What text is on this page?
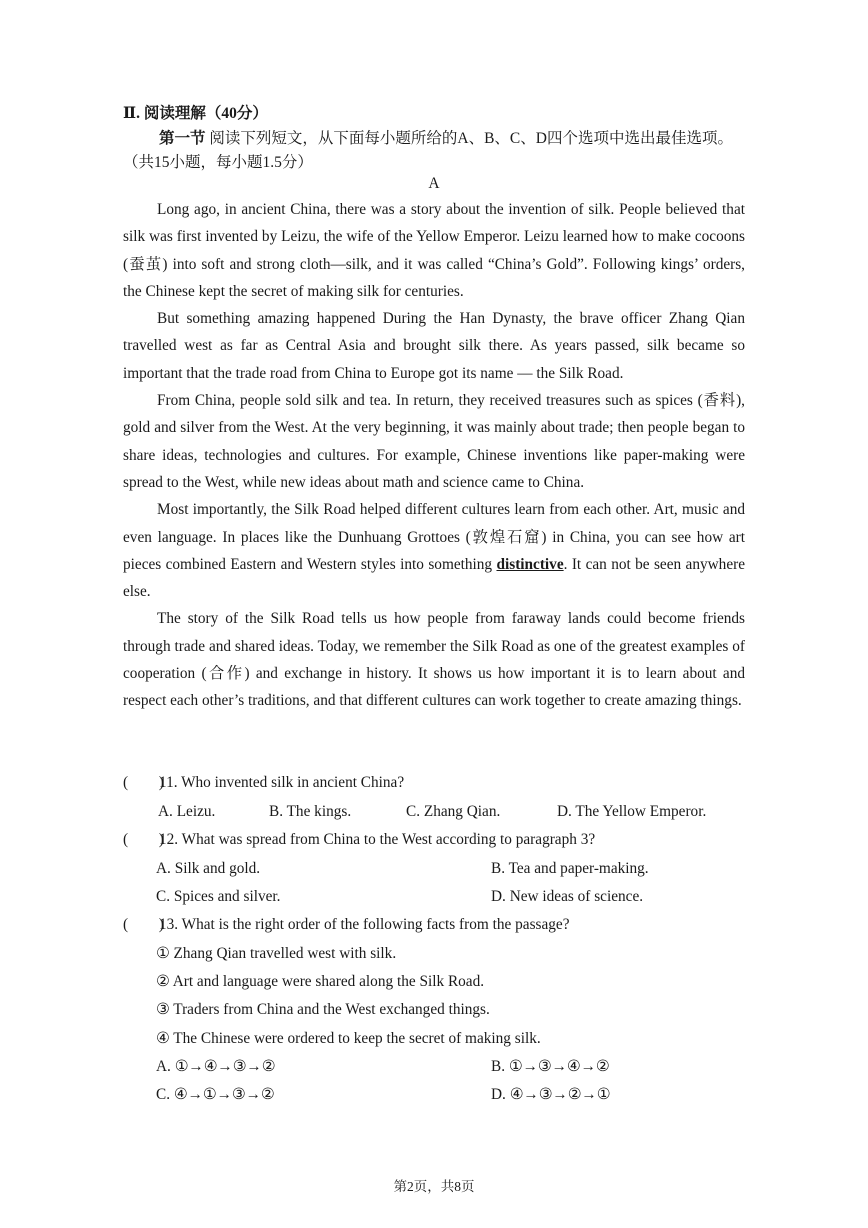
Ⅱ. 阅读理解（40分）
第一节 阅读下列短文，从下面每小题所给的A、B、C、D四个选项中选出最佳选项。（共15小题，每小题1.5分）
A

Long ago, in ancient China, there was a story about the invention of silk. People believed that silk was first invented by Leizu, the wife of the Yellow Emperor. Leizu learned how to make cocoons (蚕茧) into soft and strong cloth—silk, and it was called “China’s Gold”. Following kings’ orders, the Chinese kept the secret of making silk for centuries.

But something amazing happened During the Han Dynasty, the brave officer Zhang Qian travelled west as far as Central Asia and brought silk there. As years passed, silk became so important that the trade road from China to Europe got its name — the Silk Road.

From China, people sold silk and tea. In return, they received treasures such as spices (香料), gold and silver from the West. At the very beginning, it was mainly about trade; then people began to share ideas, technologies and cultures. For example, Chinese inventions like paper-making were spread to the West, while new ideas about math and science came to China.

Most importantly, the Silk Road helped different cultures learn from each other. Art, music and even language. In places like the Dunhuang Grottoes (敦煌石窟) in China, you can see how art pieces combined Eastern and Western styles into something distinctive. It can not be seen anywhere else.

The story of the Silk Road tells us how people from faraway lands could become friends through trade and shared ideas. Today, we remember the Silk Road as one of the greatest examples of cooperation (合作) and exchange in history. It shows us how important it is to learn about and respect each other’s traditions, and that different cultures can work together to create amazing things.

(　　)11. Who invented silk in ancient China?
A. Leizu.	B. The kings.	C. Zhang Qian.	D. The Yellow Emperor.
(　　)12. What was spread from China to the West according to paragraph 3?
A. Silk and gold.	B. Tea and paper-making.
C. Spices and silver.	D. New ideas of science.
(　　)13. What is the right order of the following facts from the passage?
① Zhang Qian travelled west with silk.
② Art and language were shared along the Silk Road.
③ Traders from China and the West exchanged things.
④ The Chinese were ordered to keep the secret of making silk.
A. ①→④→③→②	B. ①→③→④→②
C. ④→①→③→②	D. ④→③→②→①
第2页，共8页
